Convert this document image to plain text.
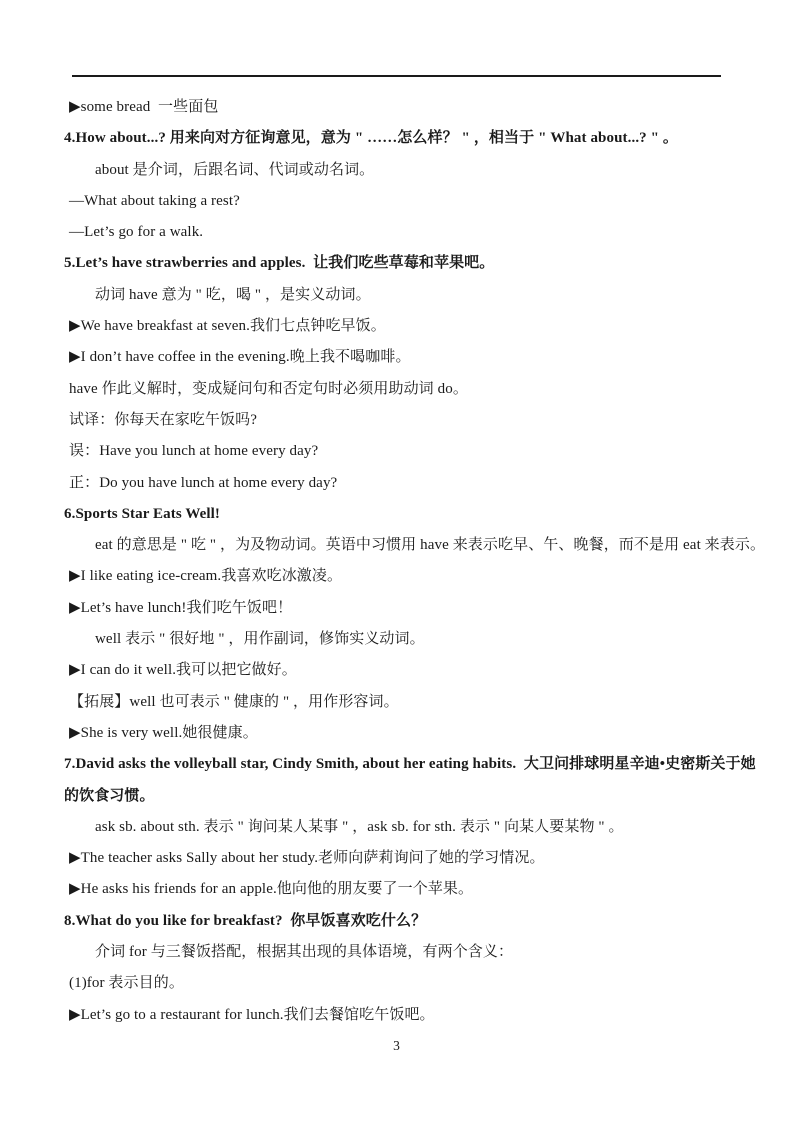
▶some bread  一些面包
4.How about...? 用来向对方征询意见，意为 " ……怎么样？ " ，相当于 " What about...? " 。
about 是介词，后跟名词、代词或动名词。
—What about taking a rest?
—Let’s go for a walk.
5.Let’s have strawberries and apples.  让我们吃些草莓和苹果吧。
动词 have 意为 " 吃，喝 " ，是实义动词。
▶We have breakfast at seven.我们七点钟吃早饭。
▶I don’t have coffee in the evening.晚上我不喝咖啡。
have 作此义解时，变成疑问句和否定句时必须用助动词 do。
试译：你每天在家吃午饭吗?
误：Have you lunch at home every day?
正：Do you have lunch at home every day?
6.Sports Star Eats Well!
eat 的意思是 " 吃 " ，为及物动词。英语中习惯用 have 来表示吃早、午、晚餐，而不是用 eat 来表示。
▶I like eating ice-cream.我喜欢吃冰激凌。
▶Let’s have lunch!我们吃午饭吧！
well 表示 " 很好地 " ，用作副词，修饰实义动词。
▶I can do it well.我可以把它做好。
【拓展】well 也可表示 " 健康的 " ，用作形容词。
▶She is very well.她很健康。
7.David asks the volleyball star, Cindy Smith, about her eating habits.  大卫问排球明星辛迪•史密斯关于她
的饮食习惯。
ask sb. about sth. 表示 " 询问某人某事 " ，ask sb. for sth. 表示 " 向某人要某物 " 。
▶The teacher asks Sally about her study.老师向萨莉询问了她的学习情况。
▶He asks his friends for an apple.他向他的朋友要了一个苹果。
8.What do you like for breakfast?  你早饭喜欢吃什么？
介词 for 与三餐饭搭配，根据其出现的具体语境，有两个含义：
(1)for 表示目的。
▶Let’s go to a restaurant for lunch.我们去餐馆吃午饭吧。
3
